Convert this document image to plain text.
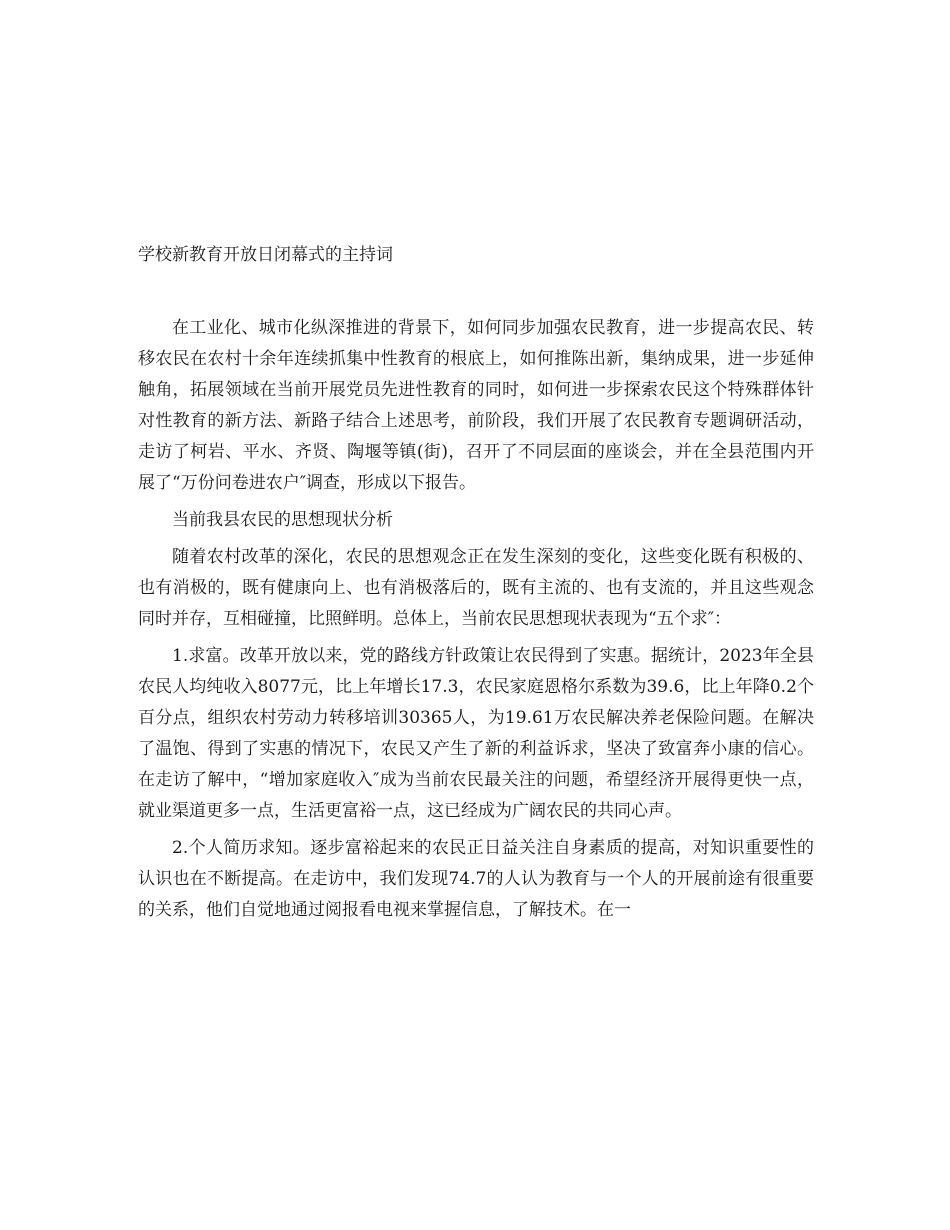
学校新教育开放日闭幕式的主持词

在工业化、城市化纵深推进的背景下，如何同步加强农民教育，进一步提高农民、转移农民在农村十余年连续抓集中性教育的根底上，如何推陈出新，集纳成果，进一步延伸触角，拓展领域在当前开展党员先进性教育的同时，如何进一步探索农民这个特殊群体针对性教育的新方法、新路子结合上述思考，前阶段，我们开展了农民教育专题调研活动，走访了柯岩、平水、齐贤、陶堰等镇(街)，召开了不同层面的座谈会，并在全县范围内开展了“万份问卷进农户″调查，形成以下报告。

当前我县农民的思想现状分析

随着农村改革的深化，农民的思想观念正在发生深刻的变化，这些变化既有积极的、也有消极的，既有健康向上、也有消极落后的，既有主流的、也有支流的，并且这些观念同时并存，互相碰撞，比照鲜明。总体上，当前农民思想现状表现为“五个求″：

1.求富。改革开放以来，党的路线方针政策让农民得到了实惠。据统计，2023年全县农民人均纯收入8077元，比上年增长17.3，农民家庭恩格尔系数为39.6，比上年降0.2个百分点，组织农村劳动力转移培训30365人，为19.61万农民解决养老保险问题。在解决了温饱、得到了实惠的情况下，农民又产生了新的利益诉求，坚决了致富奔小康的信心。在走访了解中，“增加家庭收入″成为当前农民最关注的问题，希望经济开展得更快一点，就业渠道更多一点，生活更富裕一点，这已经成为广阔农民的共同心声。

2.个人简历求知。逐步富裕起来的农民正日益关注自身素质的提高，对知识重要性的认识也在不断提高。在走访中，我们发现74.7的人认为教育与一个人的开展前途有很重要的关系，他们自觉地通过阅报看电视来掌握信息，了解技术。在一
